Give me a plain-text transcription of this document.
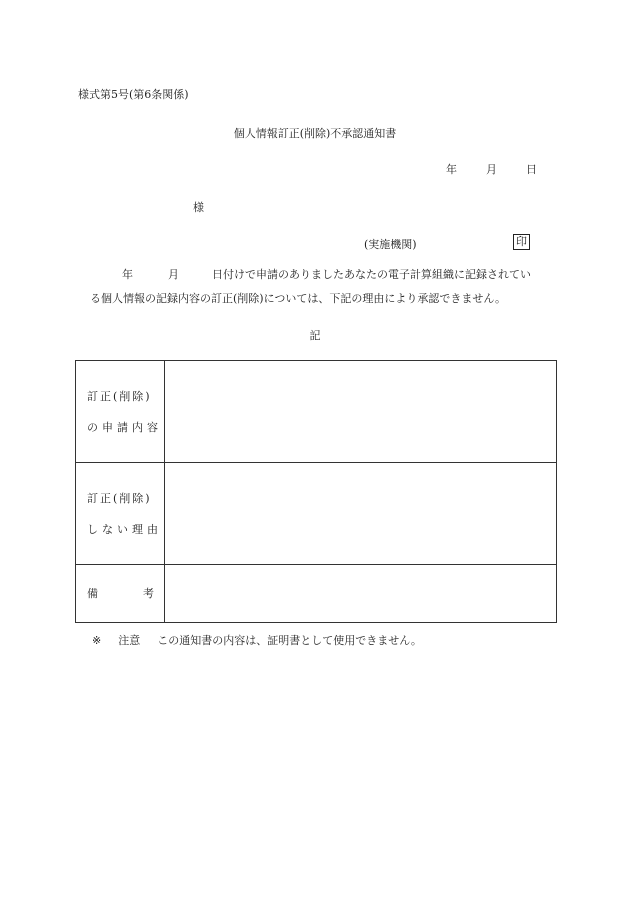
様式第5号(第6条関係)
個人情報訂正(削除)不承認通知書
年	月	日
様
(実施機関)	印
年	月	日付けで申請のありましたあなたの電子計算組織に記録されてい
る個人情報の記録内容の訂正(削除)については、下記の理由により承認できません。
記
訂正(削除)
の申請内容	

訂正(削除)
しない理由	

備 考	

※ 注意 この通知書の内容は、証明書として使用できません。
